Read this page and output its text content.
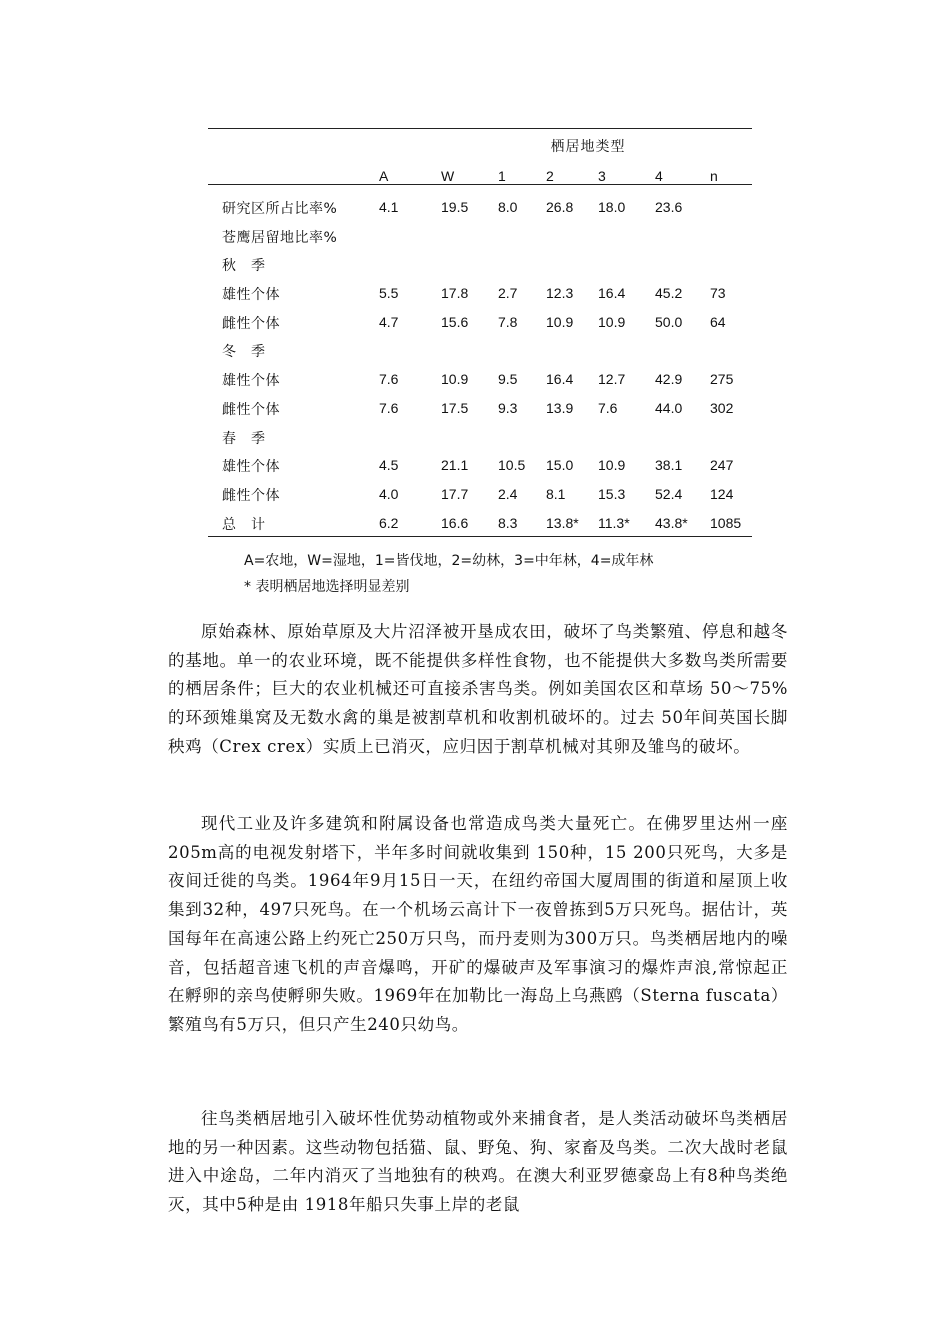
栖居地类型
A	W	1	2	3	4	n
研究区所占比率%	4.1	19.5 8.0 26.8 18.0 23.6
苍鹰居留地比率%
秋　季
雄性个体	5.5	17.8 2.7 12.3 16.4 45.2 73
雌性个体	4.7	15.6 7.8 10.9 10.9 50.0 64
冬　季
雄性个体	7.6	10.9 9.5 16.4 12.7 42.9 275
雌性个体	7.6	17.5 9.3 13.9 7.6	44.0 302
春　季
雄性个体	4.5	21.1 10.5 15.0 10.9 38.1 247
雌性个体	4.0	17.7 2.4 8.1 15.3 52.4 124
总　计	6.2	16.6 8.3 13.8* 11.3* 43.8* 1085
A=农地，W=湿地，1=皆伐地，2=幼林，3=中年林，4=成年林
* 表明栖居地选择明显差别

原始森林、原始草原及大片沼泽被开垦成农田，破坏了鸟类繁殖、停息和越冬的基地。单一的农业环境，既不能提供多样性食物，也不能提供大多数鸟类所需要的栖居条件；巨大的农业机械还可直接杀害鸟类。例如美国农区和草场 50～75%的环颈雉巢窝及无数水禽的巢是被割草机和收割机破坏的。过去 50年间英国长脚秧鸡（Crex crex）实质上已消灭，应归因于割草机械对其卵及雏鸟的破坏。

现代工业及许多建筑和附属设备也常造成鸟类大量死亡。在佛罗里达州一座205m高的电视发射塔下，半年多时间就收集到 150种，15 200只死鸟，大多是夜间迁徙的鸟类。1964年9月15日一天，在纽约帝国大厦周围的街道和屋顶上收集到32种，497只死鸟。在一个机场云高计下一夜曾拣到5万只死鸟。据估计，英国每年在高速公路上约死亡250万只鸟，而丹麦则为300万只。鸟类栖居地内的噪音，包括超音速飞机的声音爆鸣，开矿的爆破声及军事演习的爆炸声浪,常惊起正在孵卵的亲鸟使孵卵失败。1969年在加勒比一海岛上乌燕鸥（Sterna fuscata）繁殖鸟有5万只，但只产生240只幼鸟。

往鸟类栖居地引入破坏性优势动植物或外来捕食者，是人类活动破坏鸟类栖居地的另一种因素。这些动物包括猫、鼠、野兔、狗、家畜及鸟类。二次大战时老鼠进入中途岛，二年内消灭了当地独有的秧鸡。在澳大利亚罗德豪岛上有8种鸟类绝灭，其中5种是由 1918年船只失事上岸的老鼠
